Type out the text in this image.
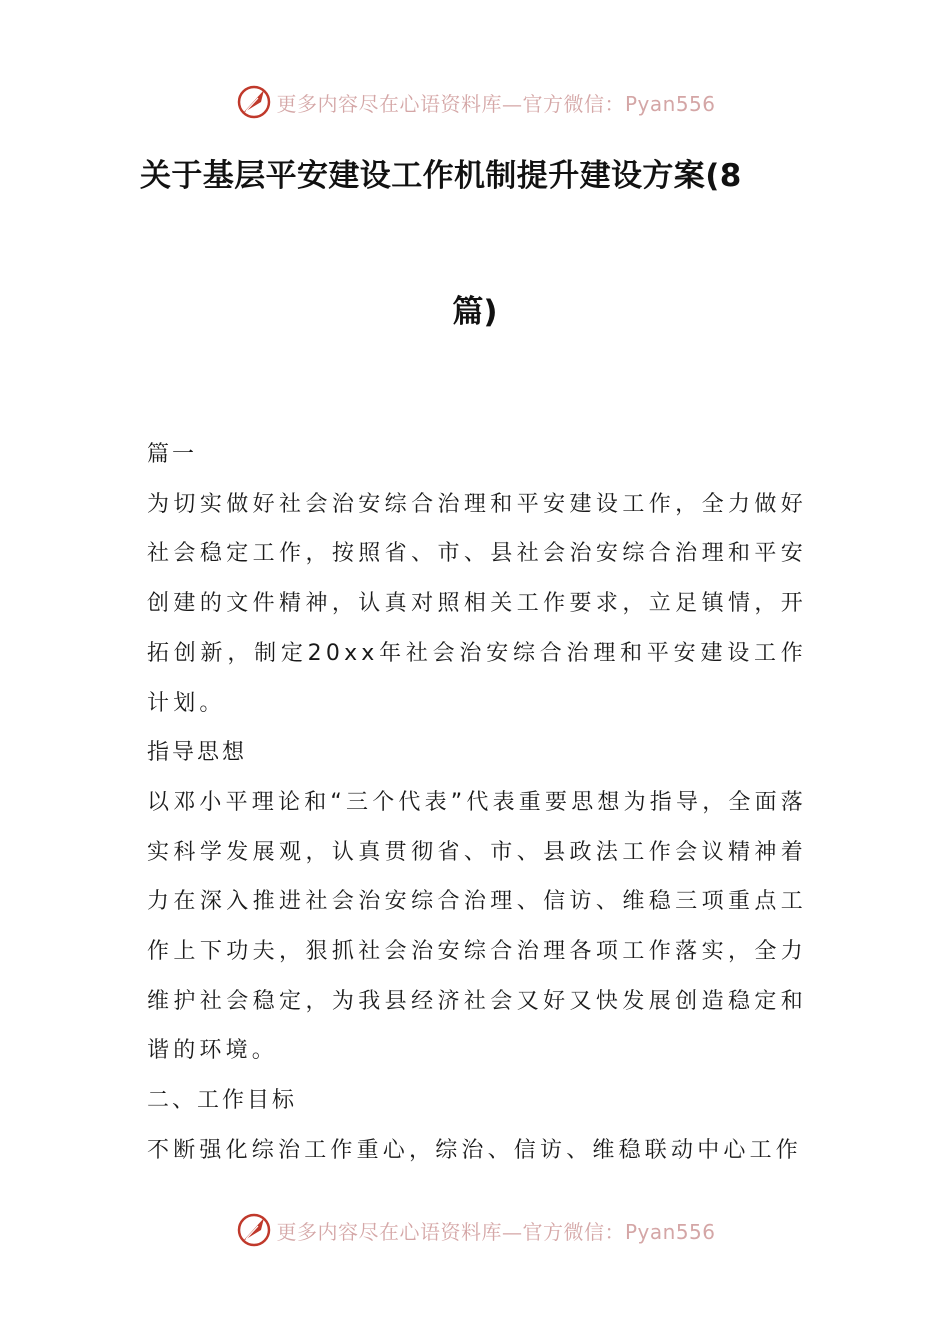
更多内容尽在心语资料库—官方微信：Pyan556
关于基层平安建设工作机制提升建设方案(8
篇)

篇一

为切实做好社会治安综合治理和平安建设工作，全力做好社会稳定工作，按照省、市、县社会治安综合治理和平安创建的文件精神，认真对照相关工作要求，立足镇情，开拓创新，制定20xx年社会治安综合治理和平安建设工作计划。

指导思想

以邓小平理论和“三个代表”代表重要思想为指导，全面落实科学发展观，认真贯彻省、市、县政法工作会议精神着力在深入推进社会治安综合治理、信访、维稳三项重点工作上下功夫，狠抓社会治安综合治理各项工作落实，全力维护社会稳定，为我县经济社会又好又快发展创造稳定和谐的环境。

二、工作目标

不断强化综治工作重心，综治、信访、维稳联动中心工作

更多内容尽在心语资料库—官方微信：Pyan556
